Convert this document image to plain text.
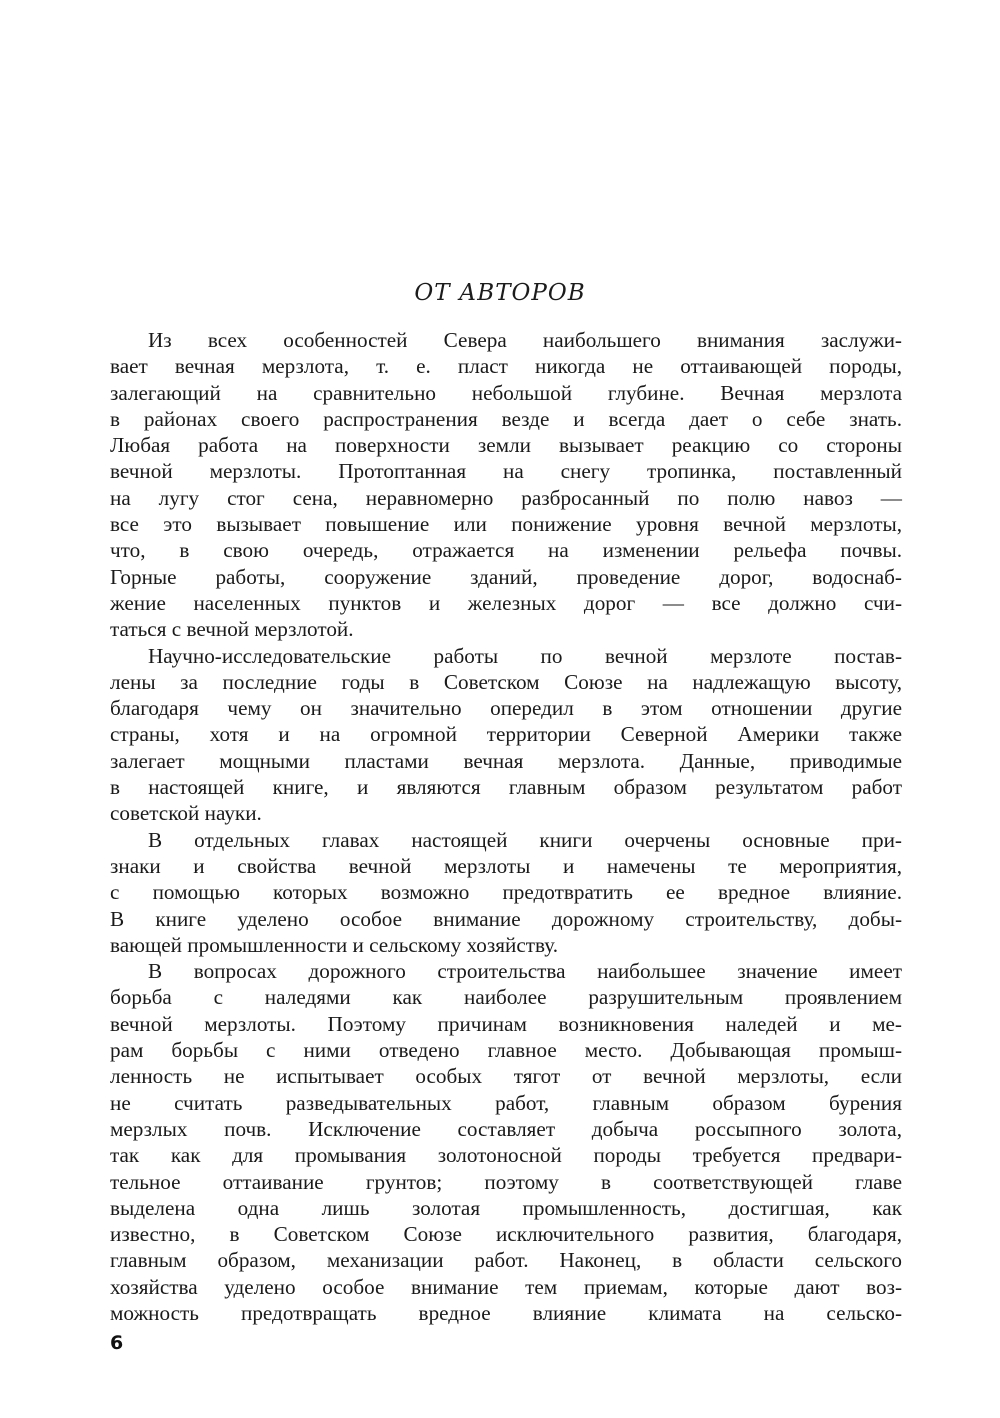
ОТ АВТОРОВ
Из всех особенностей Севера наибольшего внимания заслужи-
вает вечная мерзлота, т. е. пласт никогда не оттаивающей породы,
залегающий на сравнительно небольшой глубине. Вечная мерзлота
в районах своего распространения везде и всегда дает о себе знать.
Любая работа на поверхности земли вызывает реакцию со стороны
вечной мерзлоты. Протоптанная на снегу тропинка, поставленный
на лугу стог сена, неравномерно разбросанный по полю навоз —
все это вызывает повышение или понижение уровня вечной мерзлоты,
что, в свою очередь, отражается на изменении рельефа почвы.
Горные работы, сооружение зданий, проведение дорог, водоснаб-
жение населенных пунктов и железных дорог — все должно счи-
таться с вечной мерзлотой.
Научно-исследовательские работы по вечной мерзлоте постав-
лены за последние годы в Советском Союзе на надлежащую высоту,
благодаря чему он значительно опередил в этом отношении другие
страны, хотя и на огромной территории Северной Америки также
залегает мощными пластами вечная мерзлота. Данные, приводимые
в настоящей книге, и являются главным образом результатом работ
советской науки.
В отдельных главах настоящей книги очерчены основные при-
знаки и свойства вечной мерзлоты и намечены те мероприятия,
с помощью которых возможно предотвратить ее вредное влияние.
В книге уделено особое внимание дорожному строительству, добы-
вающей промышленности и сельскому хозяйству.
В вопросах дорожного строительства наибольшее значение имеет
борьба с наледями как наиболее разрушительным проявлением
вечной мерзлоты. Поэтому причинам возникновения наледей и ме-
рам борьбы с ними отведено главное место. Добывающая промыш-
ленность не испытывает особых тягот от вечной мерзлоты, если
не считать разведывательных работ, главным образом бурения
мерзлых почв. Исключение составляет добыча россыпного золота,
так как для промывания золотоносной породы требуется предвари-
тельное оттаивание грунтов; поэтому в соответствующей главе
выделена одна лишь золотая промышленность, достигшая, как
известно, в Советском Союзе исключительного развития, благодаря,
главным образом, механизации работ. Наконец, в области сельского
хозяйства уделено особое внимание тем приемам, которые дают воз-
можность предотвращать вредное влияние климата на сельско-
6
